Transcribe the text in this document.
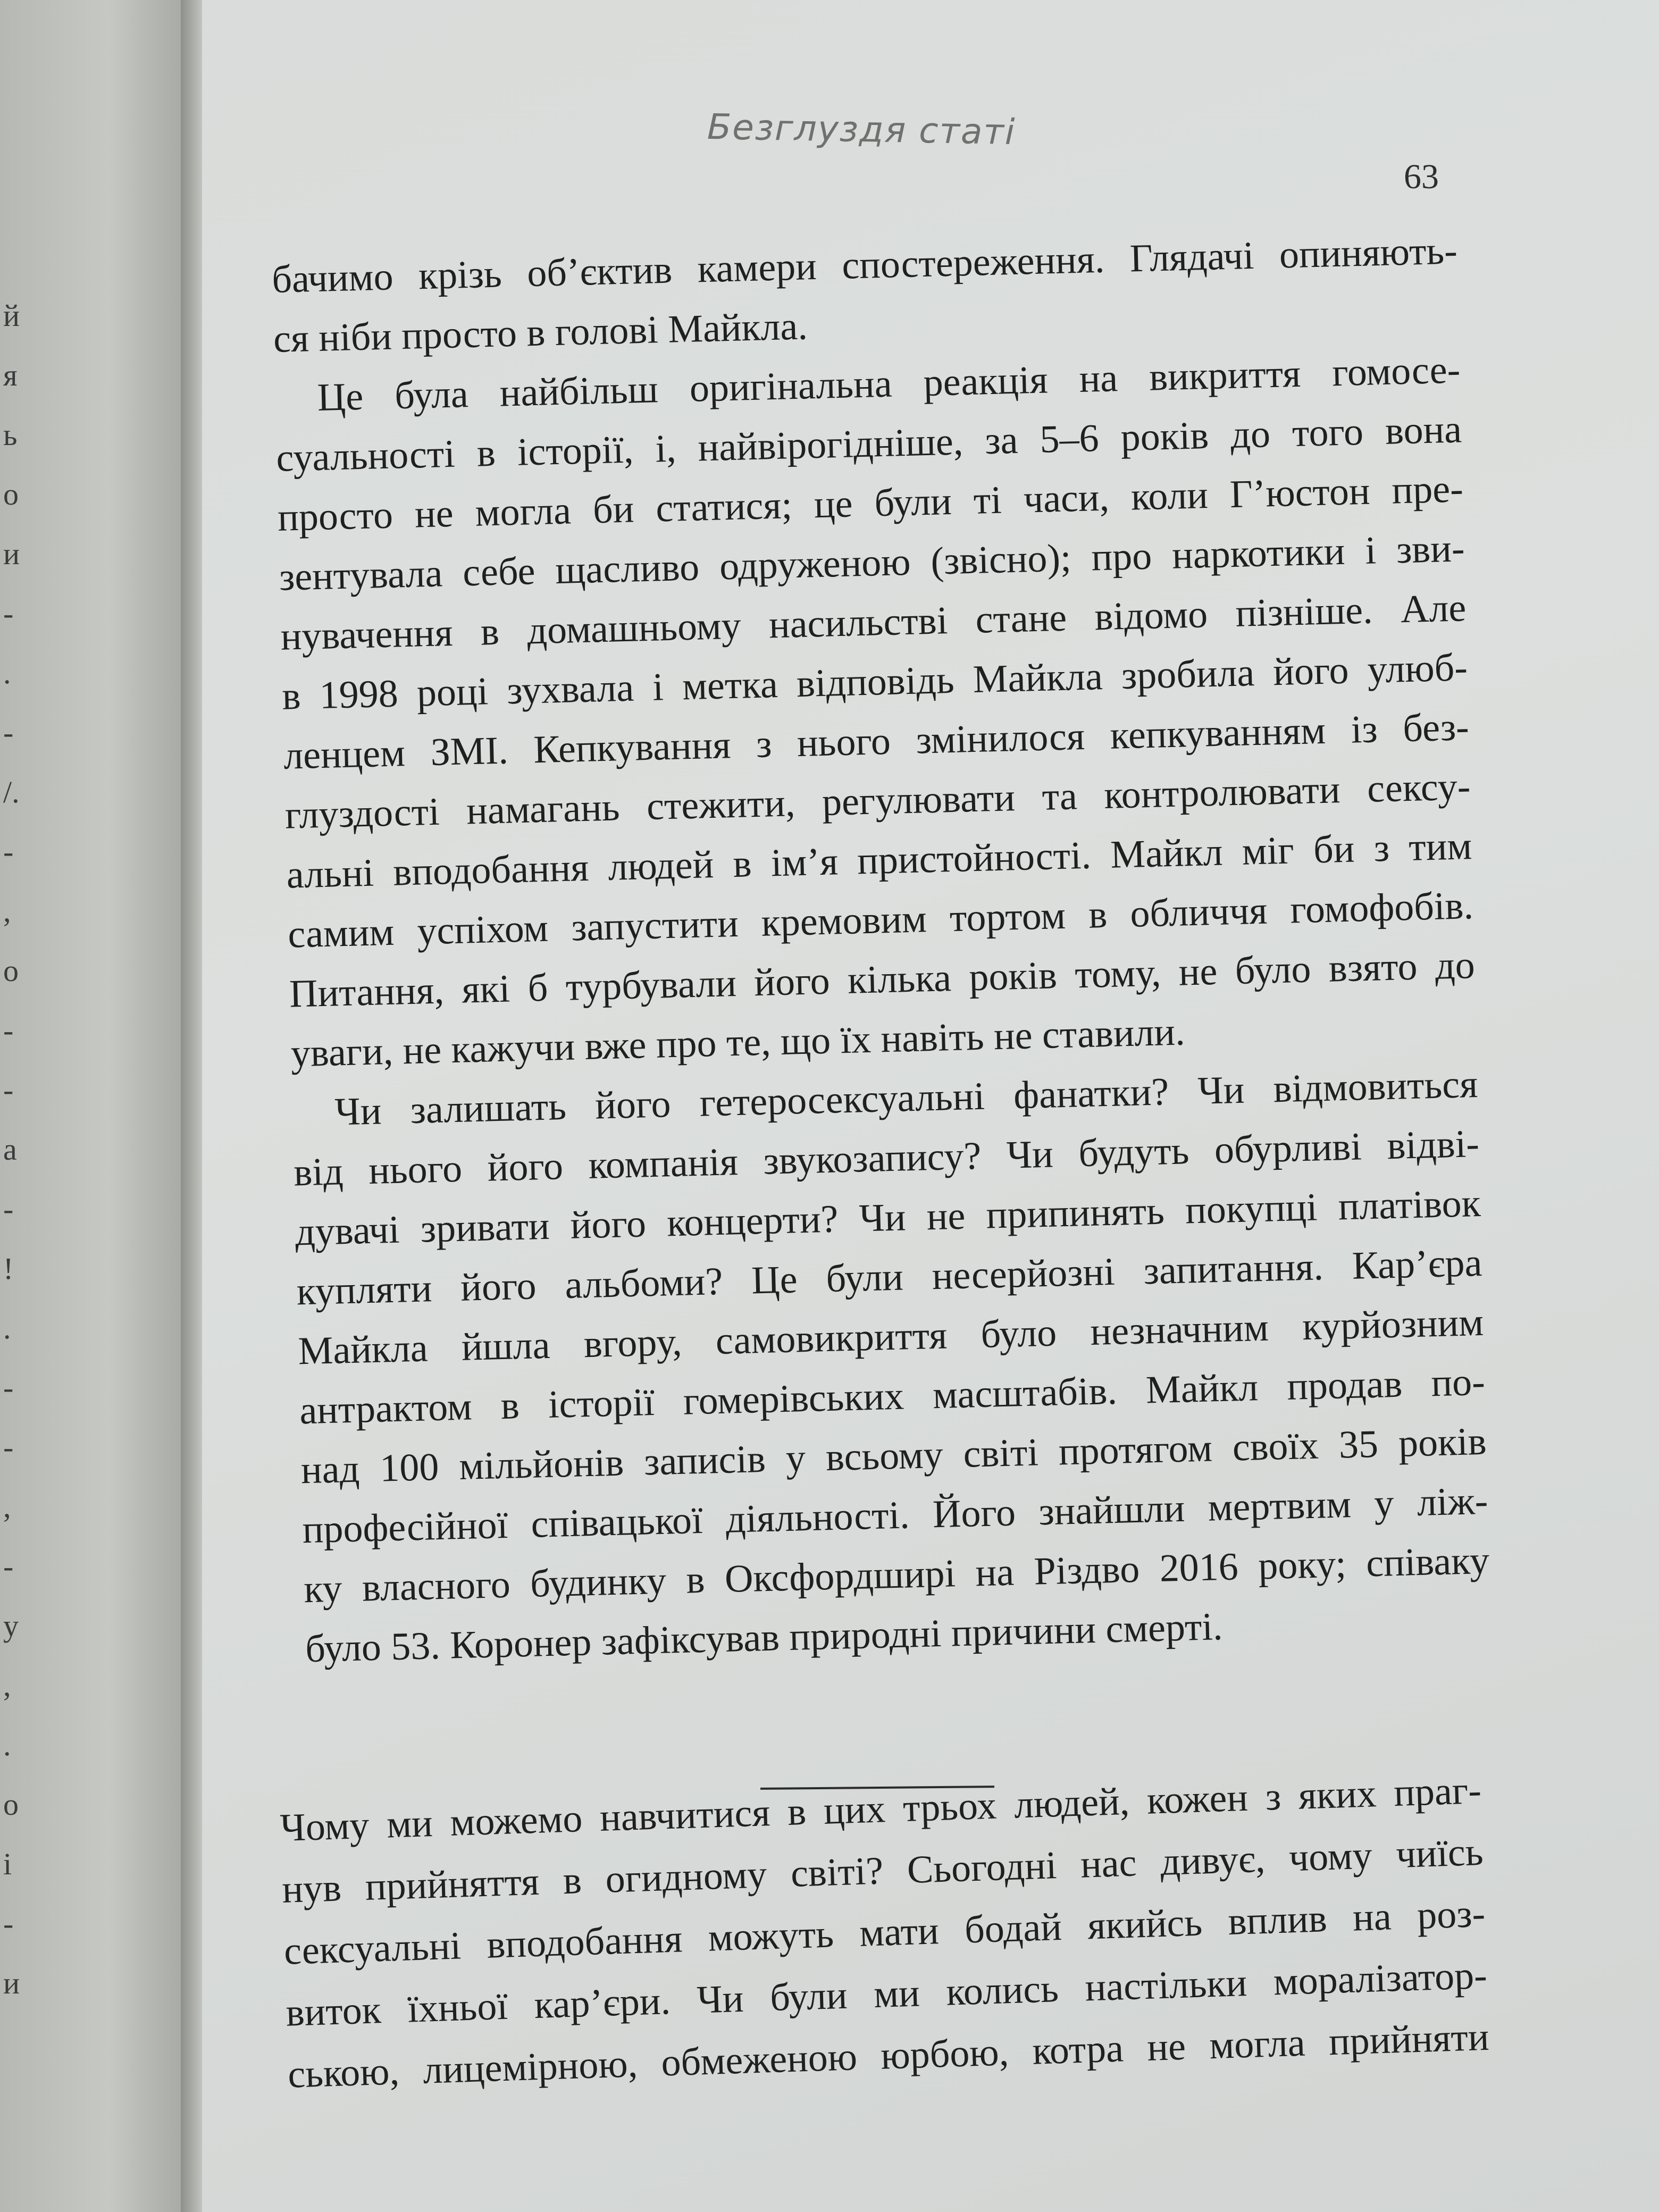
й
я
ь
о
и
-
.
-
/.
-
,
о
-
-
а
-
!
.
-
-
,
-
у
,
.
о
і
-
и
Безглуздя статі
63

бачимо крізь об’єктив камери спостереження. Глядачі опиняють-
ся ніби просто в голові Майкла.

Це була найбільш оригінальна реакція на викриття гомосе-
суальності в історії, і, найвірогідніше, за 5–6 років до того вона
просто не могла би статися; це були ті часи, коли Г’юстон пре-
зентувала себе щасливо одруженою (звісно); про наркотики і зви-
нувачення в домашньому насильстві стане відомо пізніше. Але
в 1998 році зухвала і метка відповідь Майкла зробила його улюб-
ленцем ЗМІ. Кепкування з нього змінилося кепкуванням із без-
глуздості намагань стежити, регулювати та контролювати сексу-
альні вподобання людей в ім’я пристойності. Майкл міг би з тим
самим успіхом запустити кремовим тортом в обличчя гомофобів.
Питання, які б турбували його кілька років тому, не було взято до
уваги, не кажучи вже про те, що їх навіть не ставили.

Чи залишать його гетеросексуальні фанатки? Чи відмовиться
від нього його компанія звукозапису? Чи будуть обурливі відві-
дувачі зривати його концерти? Чи не припинять покупці платівок
купляти його альбоми? Це були несерйозні запитання. Кар’єра
Майкла йшла вгору, самовикриття було незначним курйозним
антрактом в історії гомерівських масштабів. Майкл продав по-
над 100 мільйонів записів у всьому світі протягом своїх 35 років
професійної співацької діяльності. Його знайшли мертвим у ліж-
ку власного будинку в Оксфордширі на Різдво 2016 року; співаку
було 53. Коронер зафіксував природні причини смерті.

Чому ми можемо навчитися в цих трьох людей, кожен з яких праг-
нув прийняття в огидному світі? Сьогодні нас дивує, чому чиїсь
сексуальні вподобання можуть мати бодай якийсь вплив на роз-
виток їхньої кар’єри. Чи були ми колись настільки моралізатор-
ською, лицемірною, обмеженою юрбою, котра не могла прийняти
